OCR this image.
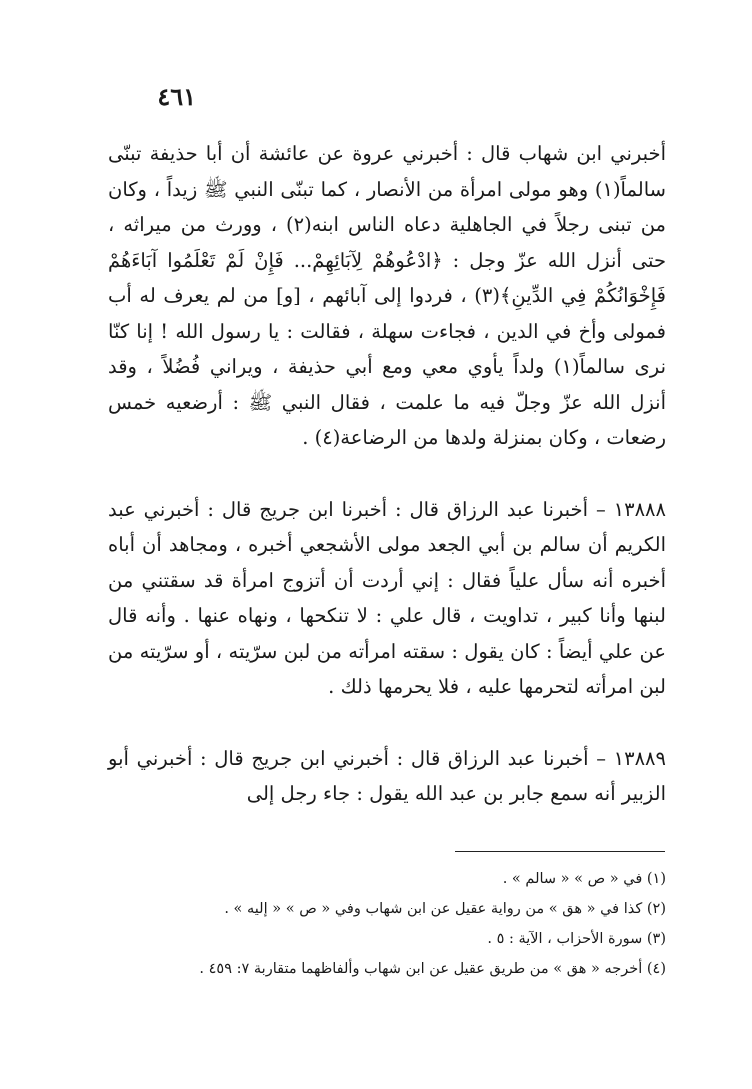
٤٦١

أخبرني ابن شهاب قال : أخبرني عروة عن عائشة أن أبا حذيفة تبنّى سالماً(١) وهو مولى امرأة من الأنصار ، كما تبنّى النبي ﷺ زيداً ، وكان من تبنى رجلاً في الجاهلية دعاه الناس ابنه(٢) ، وورث من ميراثه ، حتى أنزل الله عزّ وجل : ﴿ادْعُوهُمْ لِآبَائِهِمْ... فَإِنْ لَمْ تَعْلَمُوا آبَاءَهُمْ فَإِخْوَانُكُمْ فِي الدِّينِ﴾(٣) ، فردوا إلى آبائهم ، [و] من لم يعرف له أب فمولى وأخ في الدين ، فجاءت سهلة ، فقالت : يا رسول الله ! إنا كنّا نرى سالماً(١) ولداً يأوي معي ومع أبي حذيفة ، ويراني فُضُلاً ، وقد أنزل الله عزّ وجلّ فيه ما علمت ، فقال النبي ﷺ : أرضعيه خمس رضعات ، وكان بمنزلة ولدها من الرضاعة(٤) .

١٣٨٨٨ – أخبرنا عبد الرزاق قال : أخبرنا ابن جريج قال : أخبرني عبد الكريم أن سالم بن أبي الجعد مولى الأشجعي أخبره ، ومجاهد أن أباه أخبره أنه سأل علياً فقال : إني أردت أن أتزوج امرأة قد سقتني من لبنها وأنا كبير ، تداويت ، قال علي : لا تنكحها ، ونهاه عنها . وأنه قال عن علي أيضاً : كان يقول : سقته امرأته من لبن سرّيته ، أو سرّيته من لبن امرأته لتحرمها عليه ، فلا يحرمها ذلك .

١٣٨٨٩ – أخبرنا عبد الرزاق قال : أخبرني ابن جريج قال : أخبرني أبو الزبير أنه سمع جابر بن عبد الله يقول : جاء رجل إلى

(١) في « ص » « سالم » .
(٢) كذا في « هق » من رواية عقيل عن ابن شهاب وفي « ص » « إليه » .
(٣) سورة الأحزاب ، الآية : ٥ .
(٤) أخرجه « هق » من طريق عقيل عن ابن شهاب وألفاظهما متقاربة ٧: ٤٥٩ .
